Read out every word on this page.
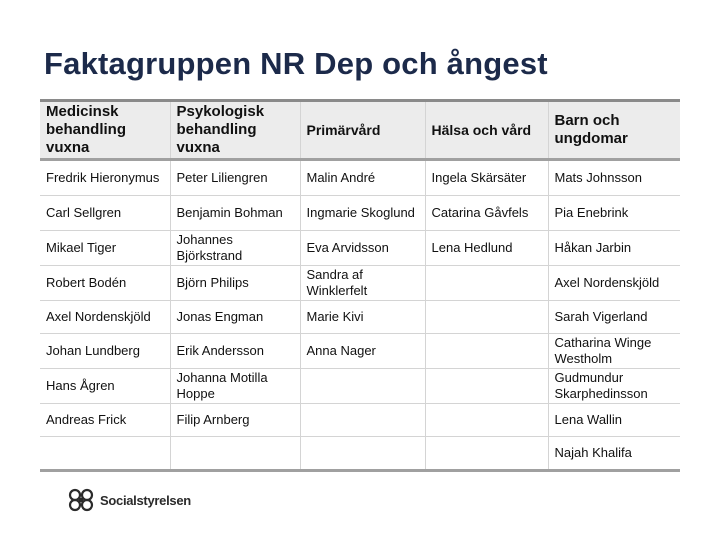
Faktagruppen NR Dep och ångest
Medicinsk behandling vuxna	Psykologisk behandling vuxna	Primärvård	Hälsa och vård	Barn och ungdomar
Fredrik Hieronymus	Peter Liliengren	Malin André	Ingela Skärsäter	Mats Johnsson
Carl Sellgren	Benjamin Bohman	Ingmarie Skoglund	Catarina Gåvfels	Pia Enebrink
Mikael Tiger	Johannes Björkstrand	Eva Arvidsson	Lena Hedlund	Håkan Jarbin
Robert Bodén	Björn Philips	Sandra af Winklerfelt		Axel Nordenskjöld
Axel Nordenskjöld	Jonas Engman	Marie Kivi		Sarah Vigerland
Johan Lundberg	Erik Andersson	Anna Nager		Catharina Winge Westholm
Hans Ågren	Johanna Motilla Hoppe			Gudmundur Skarphedinsson
Andreas Frick	Filip Arnberg			Lena Wallin
				Najah Khalifa
Socialstyrelsen
